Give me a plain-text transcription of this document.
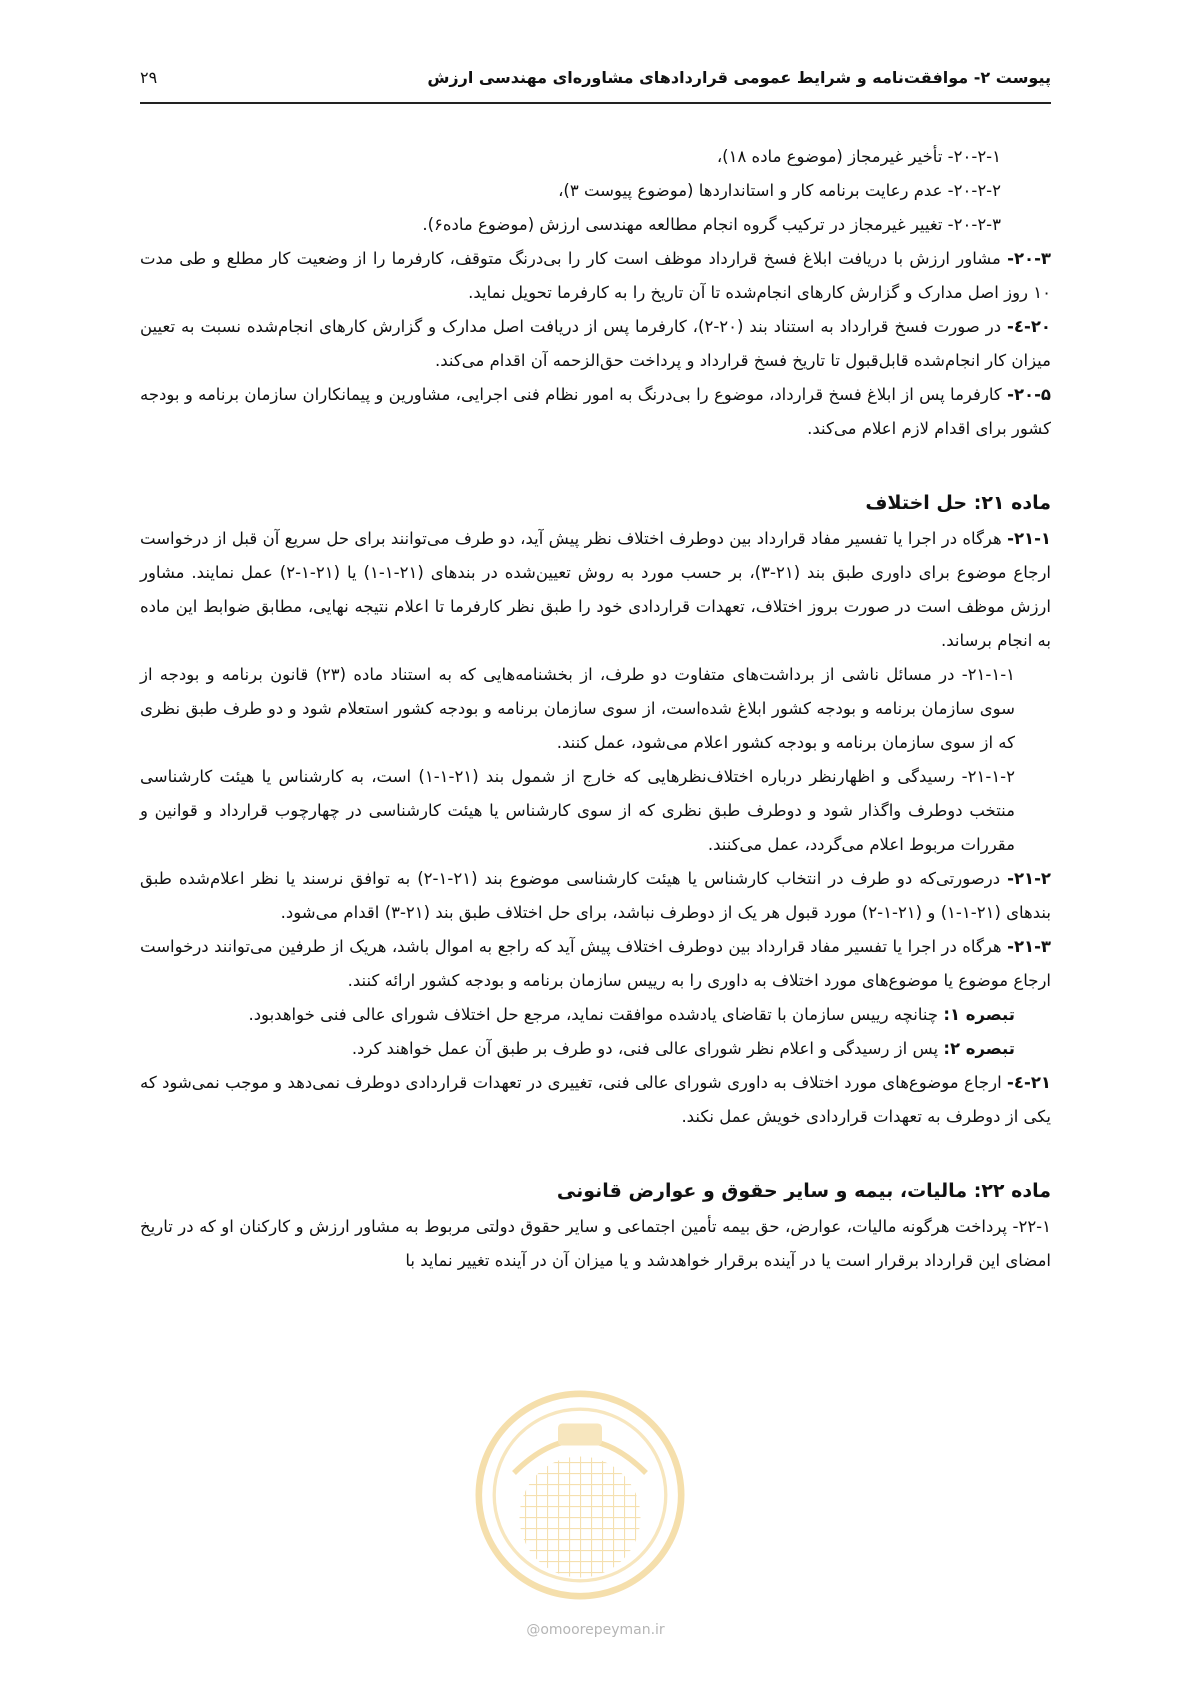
پیوست ۲- موافقت‌نامه و شرایط عمومی قراردادهای مشاوره‌ای مهندسی ارزش
۲۹

۲۰-۲-۱- تأخیر غیرمجاز (موضوع ماده ۱۸)،

۲۰-۲-۲- عدم رعایت برنامه کار و استانداردها (موضوع پیوست ۳)،

۲۰-۲-۳- تغییر غیرمجاز در ترکیب گروه انجام مطالعه مهندسی ارزش (موضوع ماده۶).

۲۰-۳- مشاور ارزش با دریافت ابلاغ فسخ قرارداد موظف است کار را بی‌درنگ متوقف، کارفرما را از وضعیت کار مطلع و طی مدت ۱۰ روز اصل مدارک و گزارش کارهای انجام‌شده تا آن تاریخ را به کارفرما تحویل نماید.

۲۰-٤- در صورت فسخ قرارداد به استناد بند (۲۰-۲)، کارفرما پس از دریافت اصل مدارک و گزارش کارهای انجام‌شده نسبت به تعیین میزان کار انجام‌شده قابل‌قبول تا تاریخ فسخ قرارداد و پرداخت حق‌الزحمه آن اقدام می‌کند.

۲۰-۵- کارفرما پس از ابلاغ فسخ قرارداد، موضوع را بی‌درنگ به امور نظام فنی اجرایی، مشاورین و پیمانکاران سازمان برنامه و بودجه کشور برای اقدام لازم اعلام می‌کند.

ماده ۲۱: حل اختلاف

۲۱-۱- هرگاه در اجرا یا تفسیر مفاد قرارداد بین دوطرف اختلاف نظر پیش آید، دو طرف می‌توانند برای حل سریع آن قبل از درخواست ارجاع موضوع برای داوری طبق بند (۲۱-۳)، بر حسب مورد به روش تعیین‌شده در بندهای (۲۱-۱-۱) یا (۲۱-۱-۲) عمل نمایند. مشاور ارزش موظف است در صورت بروز اختلاف، تعهدات قراردادی خود را طبق نظر کارفرما تا اعلام نتیجه نهایی، مطابق ضوابط این ماده به انجام برساند.

۲۱-۱-۱- در مسائل ناشی از برداشت‌های متفاوت دو طرف، از بخشنامه‌هایی که به استناد ماده (۲۳) قانون برنامه و بودجه از سوی سازمان برنامه و بودجه کشور ابلاغ شده‌است، از سوی سازمان برنامه و بودجه کشور استعلام شود و دو طرف طبق نظری که از سوی سازمان برنامه و بودجه کشور اعلام می‌شود، عمل کنند.

۲۱-۱-۲- رسیدگی و اظهارنظر درباره اختلاف‌نظرهایی که خارج از شمول بند (۲۱-۱-۱) است، به کارشناس یا هیئت کارشناسی منتخب دوطرف واگذار شود و دوطرف طبق نظری که از سوی کارشناس یا هیئت کارشناسی در چهارچوب قرارداد و قوانین و مقررات مربوط اعلام می‌گردد، عمل می‌کنند.

۲۱-۲- درصورتی‌که دو طرف در انتخاب کارشناس یا هیئت کارشناسی موضوع بند (۲۱-۱-۲) به توافق نرسند یا نظر اعلام‌شده طبق بندهای (۲۱-۱-۱) و (۲۱-۱-۲) مورد قبول هر یک از دوطرف نباشد، برای حل اختلاف طبق بند (۲۱-۳) اقدام می‌شود.

۲۱-۳- هرگاه در اجرا یا تفسیر مفاد قرارداد بین دوطرف اختلاف پیش آید که راجع به اموال باشد، هریک از طرفین می‌توانند درخواست ارجاع موضوع یا موضوع‌های مورد اختلاف به داوری را به رییس سازمان برنامه و بودجه کشور ارائه کنند.

تبصره ۱: چنانچه رییس سازمان با تقاضای یادشده موافقت نماید، مرجع حل اختلاف شورای عالی فنی خواهدبود.

تبصره ۲: پس از رسیدگی و اعلام نظر شورای عالی فنی، دو طرف بر طبق آن عمل خواهند کرد.

۲۱-٤- ارجاع موضوع‌های مورد اختلاف به داوری شورای عالی فنی، تغییری در تعهدات قراردادی دوطرف نمی‌دهد و موجب نمی‌شود که یکی از دوطرف به تعهدات قراردادی خویش عمل نکند.

ماده ۲۲: مالیات، بیمه و سایر حقوق و عوارض قانونی

۲۲-۱- پرداخت هرگونه مالیات، عوارض، حق بیمه تأمین اجتماعی و سایر حقوق دولتی مربوط به مشاور ارزش و کارکنان او که در تاریخ امضای این قرارداد برقرار است یا در آینده برقرار خواهدشد و یا میزان آن در آینده تغییر نماید با

@omoorepeyman.ir
